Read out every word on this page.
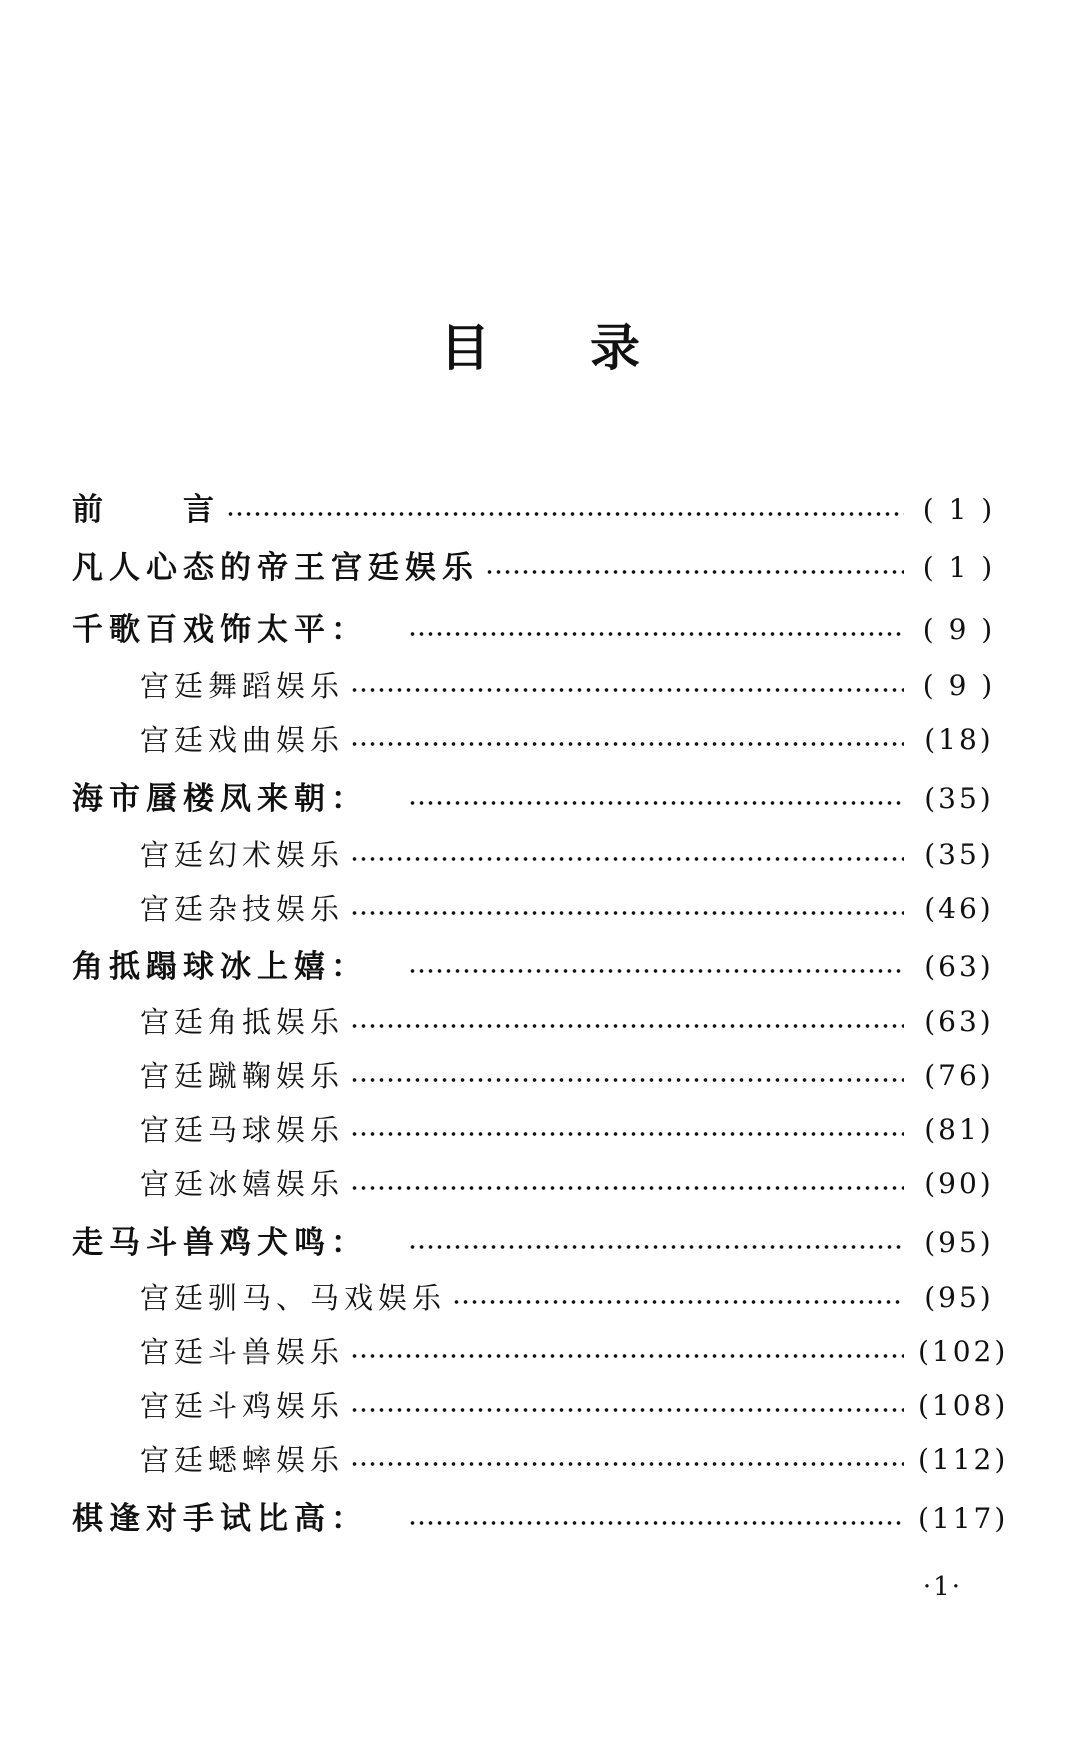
目 录
前　　言	( 1 )
凡人心态的帝王宫廷娱乐	( 1 )
千歌百戏饰太平：	( 9 )
宫廷舞蹈娱乐	( 9 )
宫廷戏曲娱乐	(18)
海市蜃楼凤来朝：	(35)
宫廷幻术娱乐	(35)
宫廷杂技娱乐	(46)
角抵蹋球冰上嬉：	(63)
宫廷角抵娱乐	(63)
宫廷蹴鞠娱乐	(76)
宫廷马球娱乐	(81)
宫廷冰嬉娱乐	(90)
走马斗兽鸡犬鸣：	(95)
宫廷驯马、马戏娱乐	(95)
宫廷斗兽娱乐	(102)
宫廷斗鸡娱乐	(108)
宫廷蟋蟀娱乐	(112)
棋逢对手试比高：	(117)
·1·
